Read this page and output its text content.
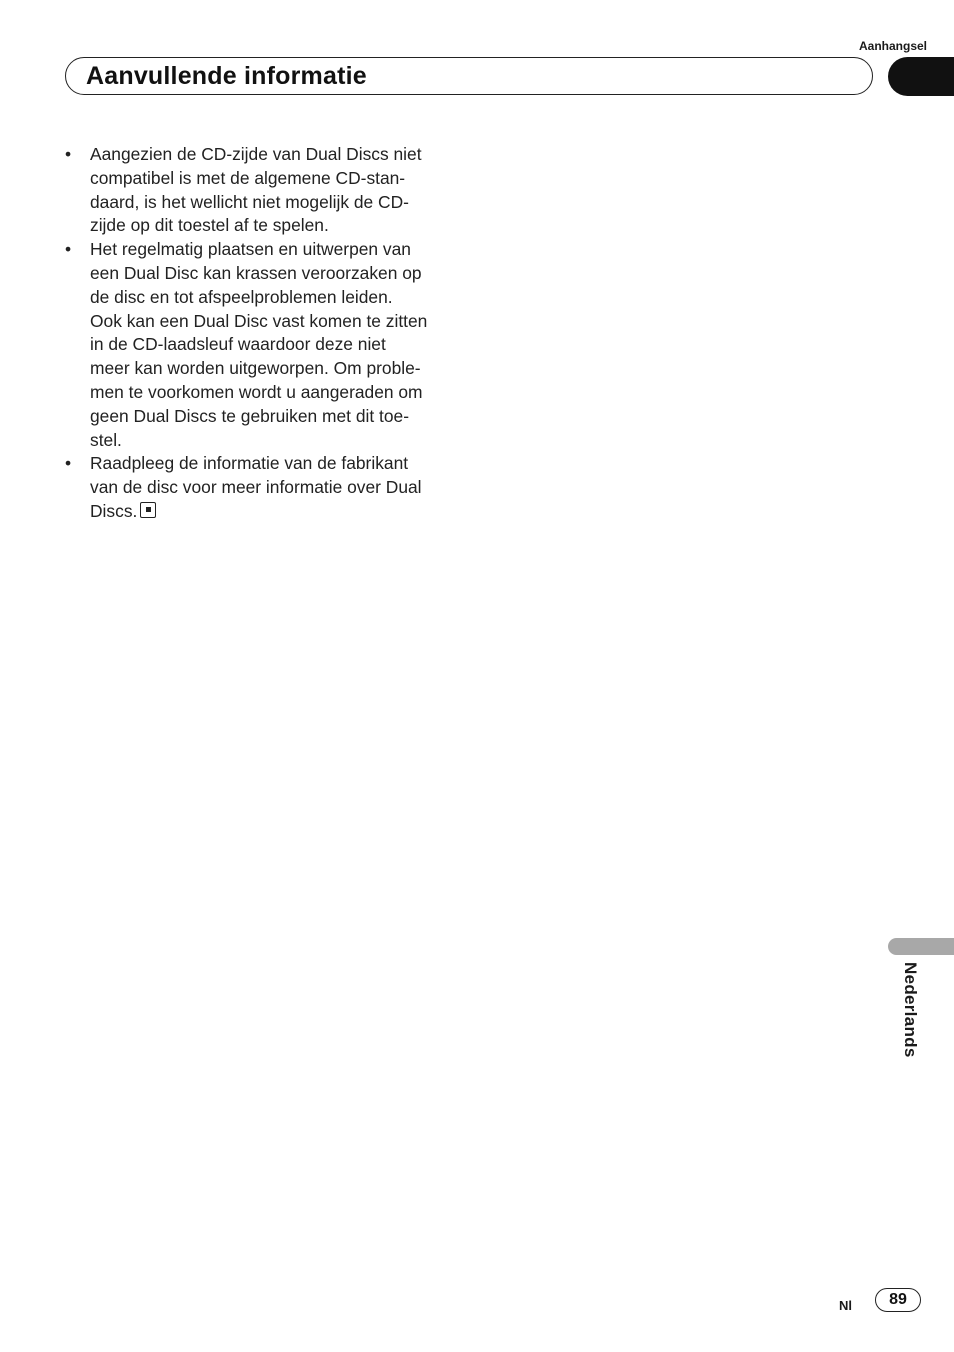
Aanhangsel
Aanvullende informatie

• Aangezien de CD-zijde van Dual Discs niet
compatibel is met de algemene CD-stan-
daard, is het wellicht niet mogelijk de CD-
zijde op dit toestel af te spelen.

• Het regelmatig plaatsen en uitwerpen van
een Dual Disc kan krassen veroorzaken op
de disc en tot afspeelproblemen leiden.
Ook kan een Dual Disc vast komen te zitten
in de CD-laadsleuf waardoor deze niet
meer kan worden uitgeworpen. Om proble-
men te voorkomen wordt u aangeraden om
geen Dual Discs te gebruiken met dit toe-
stel.

• Raadpleeg de informatie van de fabrikant
van de disc voor meer informatie over Dual
Discs.

Nederlands
Nl	89
